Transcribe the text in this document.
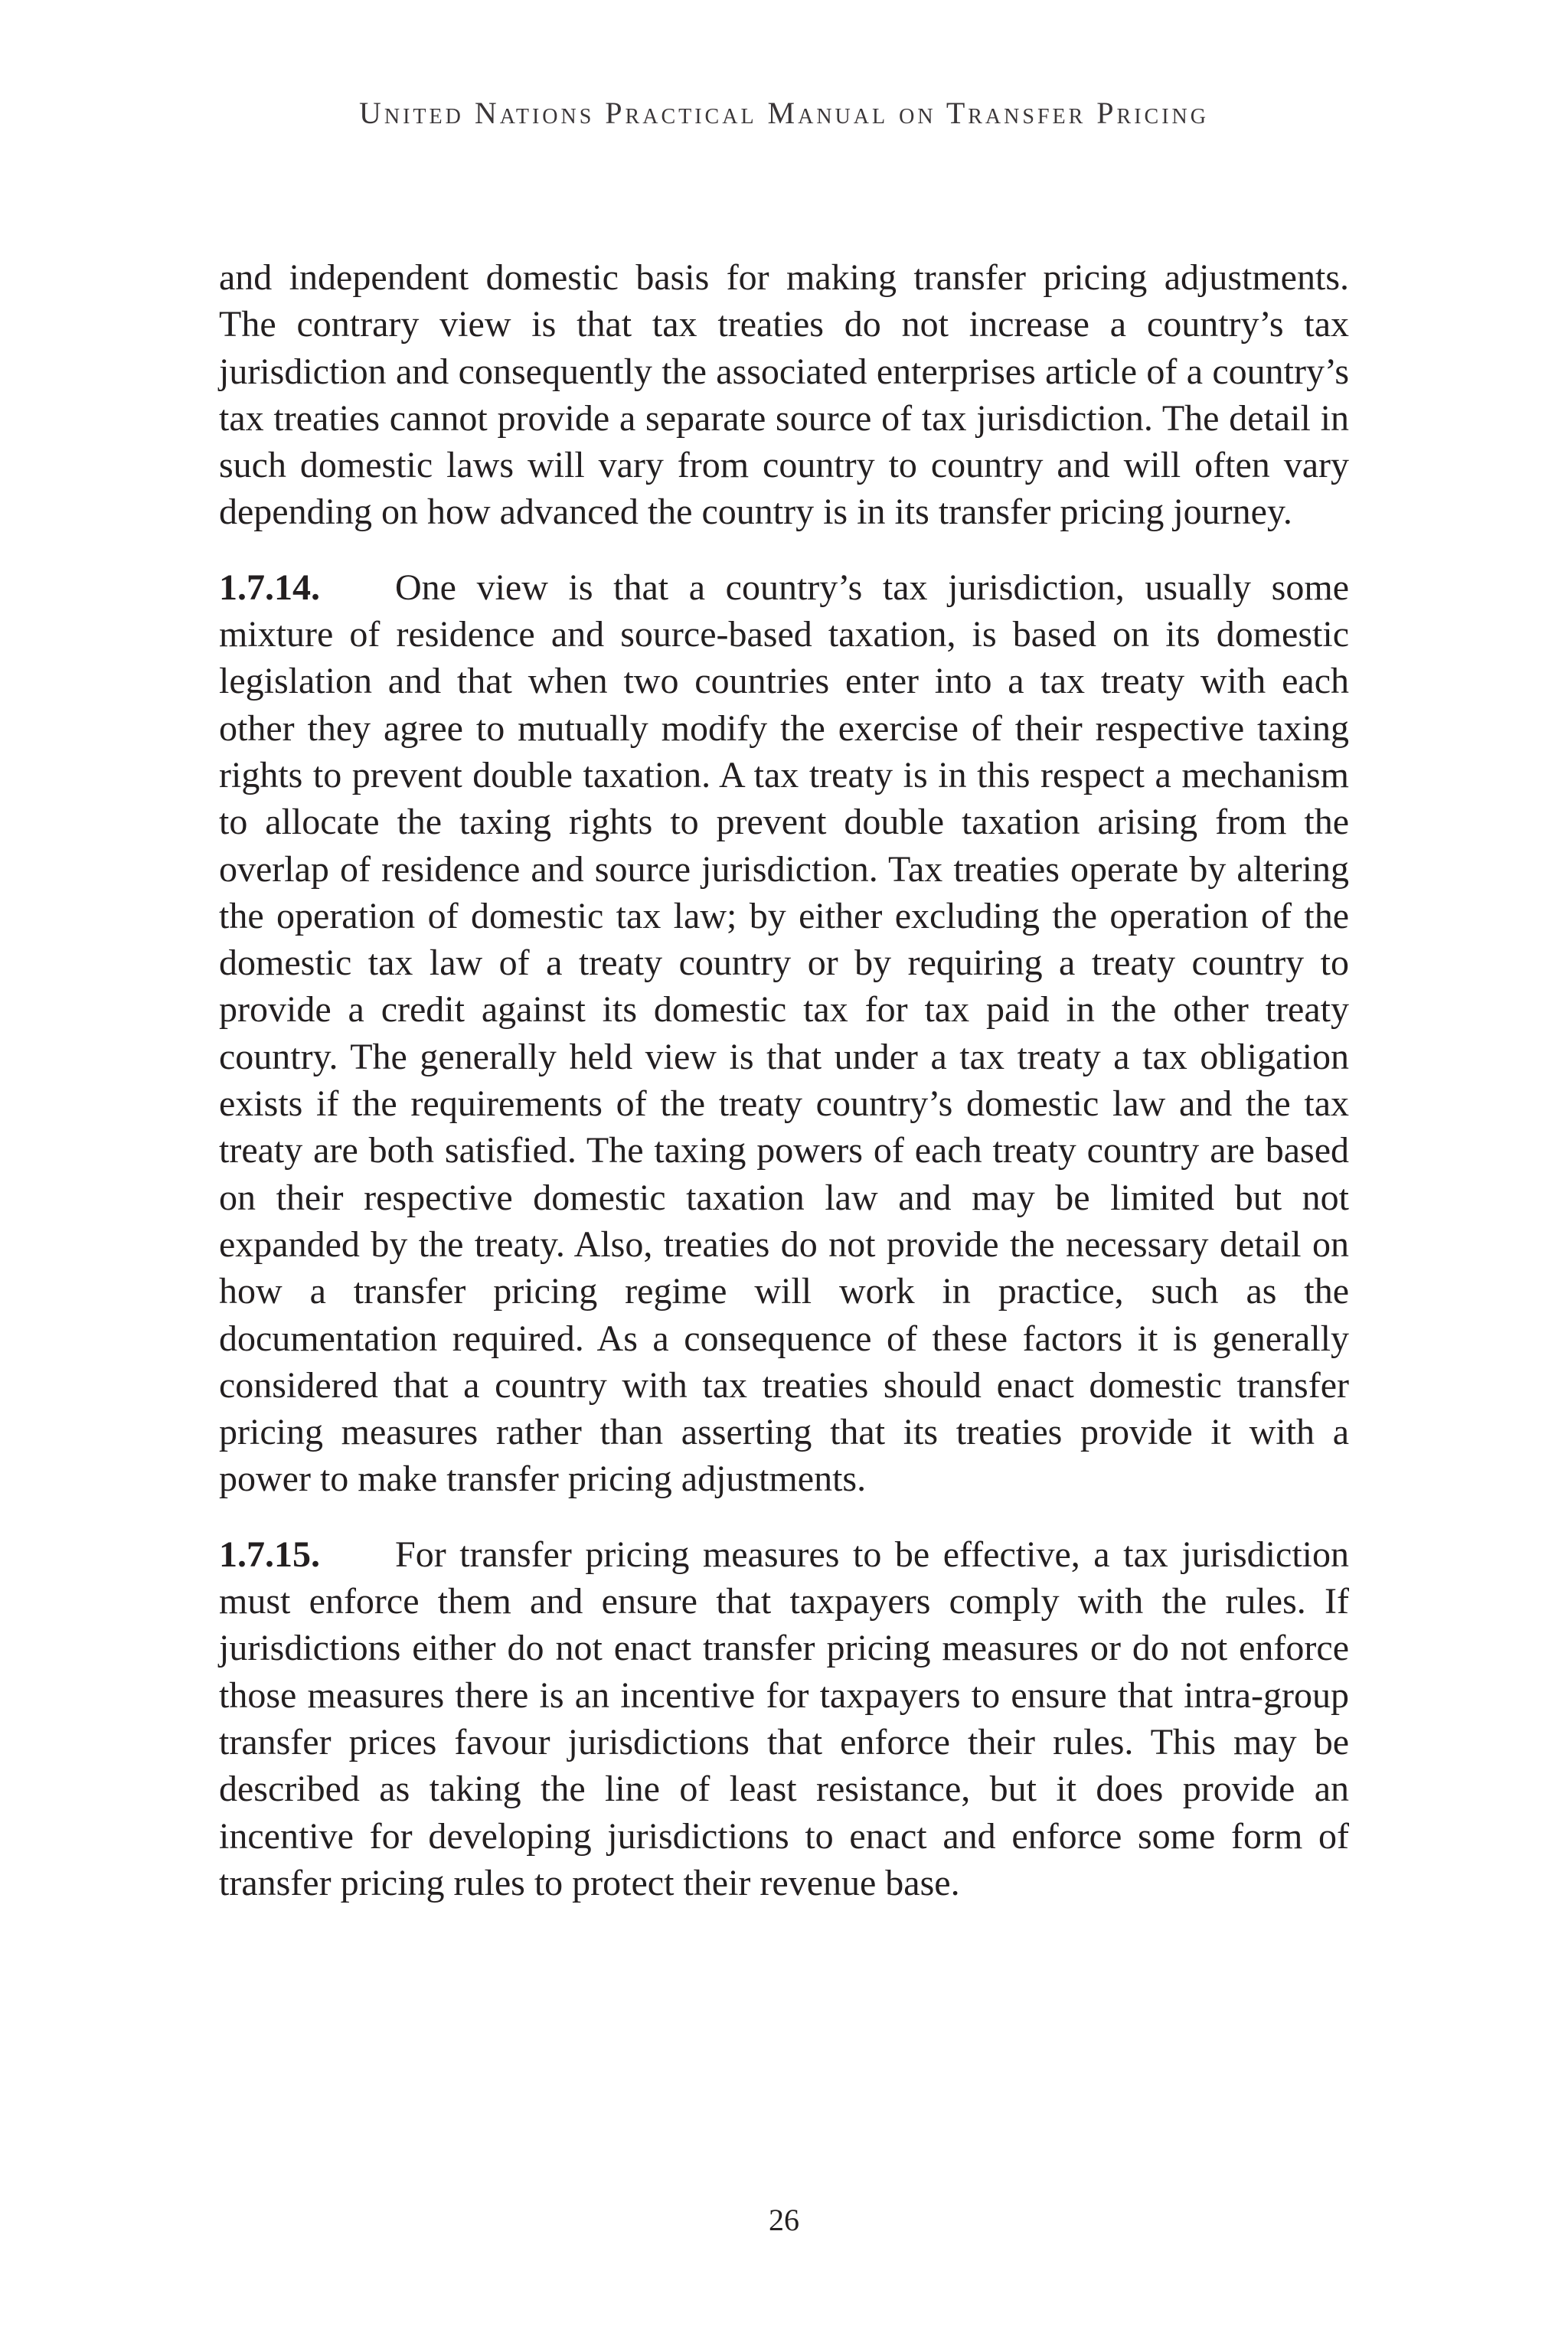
United Nations Practical Manual on Transfer Pricing

and independent domestic basis for making transfer pricing adjustments. The contrary view is that tax treaties do not increase a country’s tax jurisdiction and consequently the associated enterprises article of a country’s tax treaties cannot provide a separate source of tax jurisdiction. The detail in such domestic laws will vary from country to country and will often vary depending on how advanced the country is in its transfer pricing journey.

1.7.14. One view is that a country’s tax jurisdiction, usually some mixture of residence and source-based taxation, is based on its domestic legislation and that when two countries enter into a tax treaty with each other they agree to mutually modify the exercise of their respective taxing rights to prevent double taxation. A tax treaty is in this respect a mechanism to allocate the taxing rights to prevent double taxation arising from the overlap of residence and source jurisdiction. Tax treaties operate by altering the operation of domestic tax law; by either excluding the operation of the domestic tax law of a treaty country or by requiring a treaty country to provide a credit against its domestic tax for tax paid in the other treaty country. The generally held view is that under a tax treaty a tax obligation exists if the requirements of the treaty country’s domestic law and the tax treaty are both satisfied. The taxing powers of each treaty country are based on their respective domestic taxation law and may be limited but not expanded by the treaty. Also, treaties do not provide the necessary detail on how a transfer pricing regime will work in practice, such as the documentation required. As a consequence of these factors it is generally considered that a country with tax treaties should enact domestic transfer pricing measures rather than asserting that its treaties provide it with a power to make transfer pricing adjustments.

1.7.15. For transfer pricing measures to be effective, a tax jurisdiction must enforce them and ensure that taxpayers comply with the rules. If jurisdictions either do not enact transfer pricing measures or do not enforce those measures there is an incentive for taxpayers to ensure that intra-group transfer prices favour jurisdictions that enforce their rules. This may be described as taking the line of least resistance, but it does provide an incentive for developing jurisdictions to enact and enforce some form of transfer pricing rules to protect their revenue base.

26
